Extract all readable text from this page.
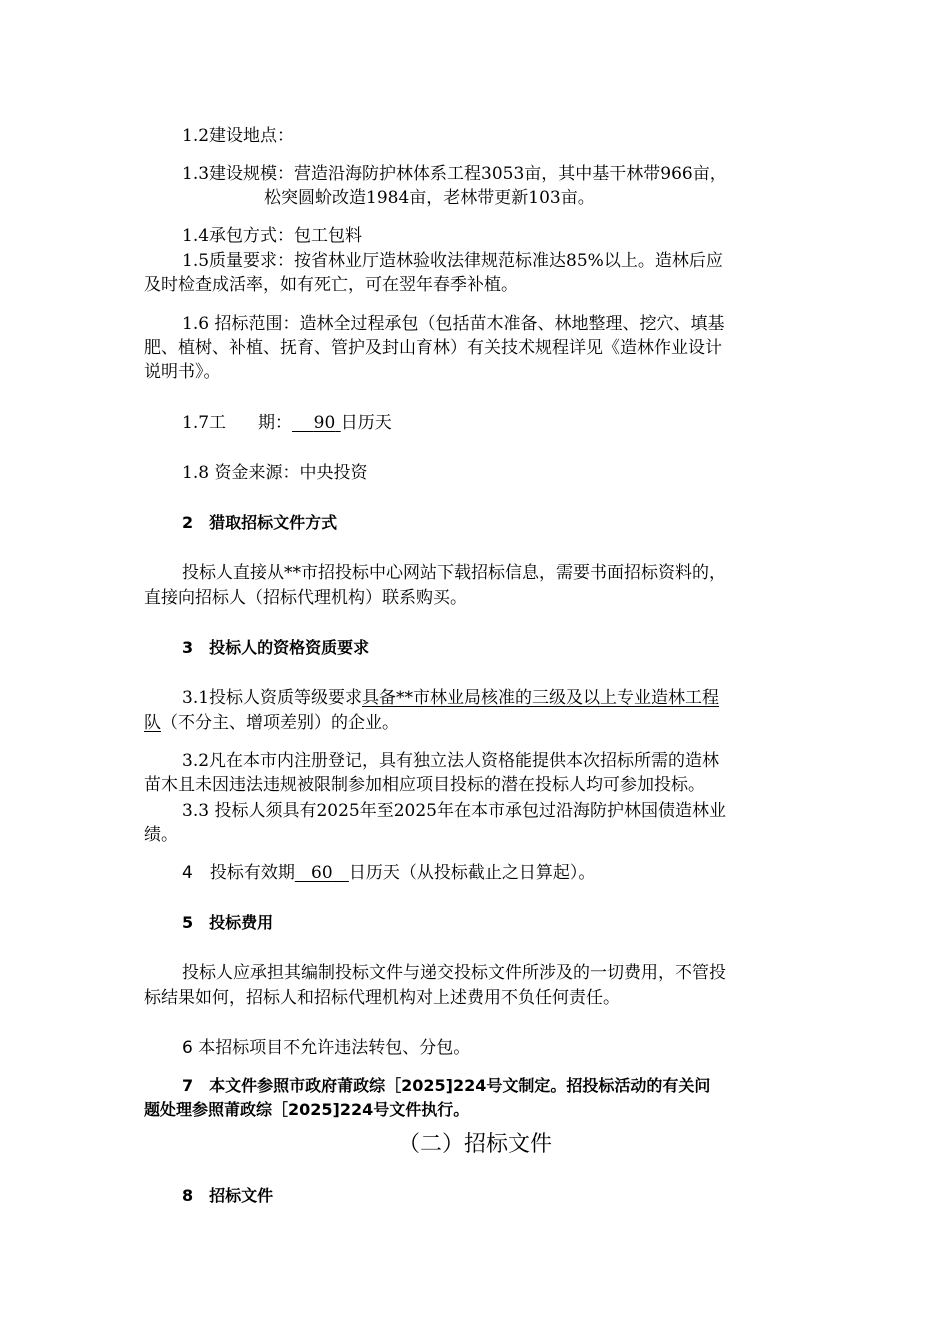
1.2建设地点：
1.3建设规模：营造沿海防护林体系工程3053亩，其中基干林带966亩，
松突圆蚧改造1984亩，老林带更新103亩。
1.4承包方式：包工包料
1.5质量要求：按省林业厅造林验收法律规范标准达85%以上。造林后应
及时检查成活率，如有死亡，可在翌年春季补植。
1.6 招标范围：造林全过程承包（包括苗木准备、林地整理、挖穴、填基
肥、植树、补植、抚育、管护及封山育林）有关技术规程详见《造林作业设计
说明书》。
1.7工 期： 90 日历天
1.8 资金来源：中央投资
2　猎取招标文件方式
投标人直接从**市招投标中心网站下载招标信息，需要书面招标资料的，
直接向招标人（招标代理机构）联系购买。
3　投标人的资格资质要求
3.1投标人资质等级要求具备**市林业局核准的三级及以上专业造林工程
队（不分主、增项差别）的企业。
3.2凡在本市内注册登记，具有独立法人资格能提供本次招标所需的造林
苗木且未因违法违规被限制参加相应项目投标的潜在投标人均可参加投标。
3.3 投标人须具有2025年至2025年在本市承包过沿海防护林国债造林业
绩。
4　投标有效期 60 日历天（从投标截止之日算起）。
5　投标费用
投标人应承担其编制投标文件与递交投标文件所涉及的一切费用，不管投
标结果如何，招标人和招标代理机构对上述费用不负任何责任。
6 本招标项目不允许违法转包、分包。
7　本文件参照市政府莆政综［2025]224号文制定。招投标活动的有关问
题处理参照莆政综［2025]224号文件执行。
（二）招标文件
8　招标文件
